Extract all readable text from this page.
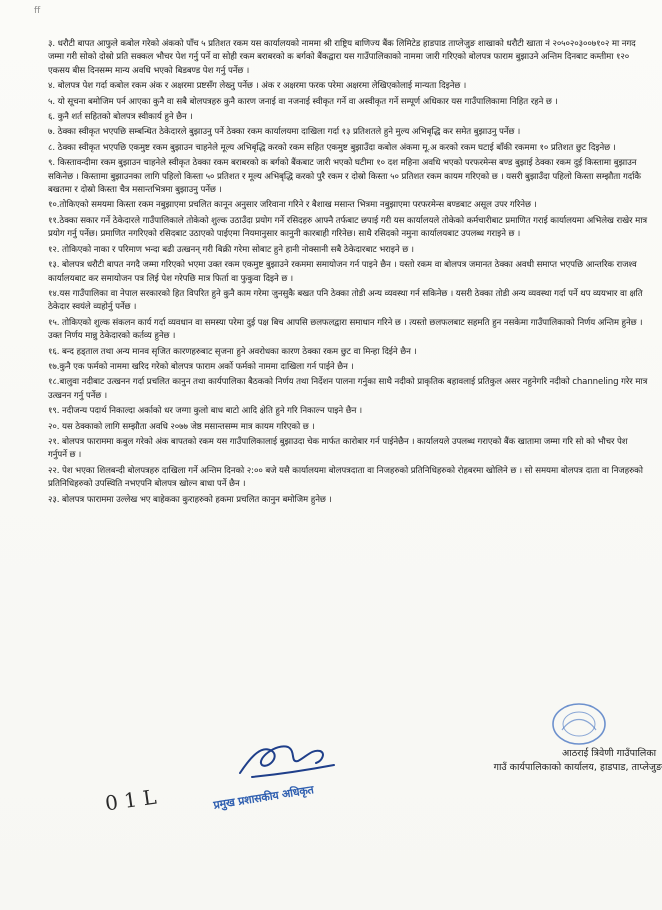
ff

३. धरौटी बापत आफुले कबोल गरेको अंकको पाँच ५ प्रतिशत रकम यस कार्यालयको नाममा श्री राष्ट्रिय बाणिज्य बैंक लिमिटेड हाडपाड ताप्लेजुङ शाखाको धरौटी खाता नं २०५०२०३००७१०२ मा नगद जम्मा गरी सोको दोस्रो प्रति सक्कल भौचर पेश गर्नु पर्ने वा सोही रकम बराबरको क बर्गको बैंकद्वारा यस गाउँपालिकाको नाममा जारी गरिएको बोलपत्र फाराम बुझाउने अन्तिम दिनबाट कम्तीमा १२० एकसय बीस दिनसम्म मान्य अवधि भएको बिडबण्ड पेश गर्नु पर्नेछ ।

४. बोलपत्र पेश गर्दा कबोल रकम अंक र अक्षरमा प्रष्टसँग लेख्नु पर्नेछ । अंक र अक्षरमा फरक परेमा अक्षरमा लेखिएकोलाई मान्यता दिइनेछ ।

५. यो सूचना बमोजिम पर्न आएका कुनै वा सबै बोलपत्रहरु कुनै कारण जनाई वा नजनाई स्वीकृत गर्ने वा अस्वीकृत गर्ने सम्पूर्ण अधिकार यस गाउँपालिकामा निहित रहने छ ।

६. कुनै शर्त सहितको बोलपत्र स्वीकार्य हुने छैन ।

७. ठेक्का स्वीकृत भएपछि सम्बन्धित ठेकेदारले बुझाउनु पर्ने ठेक्का रकम कार्यालयमा दाखिला गर्दा १३ प्रतिशतले हुने मुल्य अभिबृद्धि कर समेत बुझाउनु पर्नेछ ।

८. ठेक्का स्वीकृत भएपछि एकमुष्ट रकम बुझाउन चाहनेले मूल्य अभिबृद्धि करको रकम सहित एकमुष्ट बुझाउँदा कबोल अंकमा मू.अ करको रकम घटाई बाँकी रकममा १० प्रतिशत छुट दिइनेछ ।

९. किस्तावन्दीमा रकम बुझाउन चाहनेले स्वीकृत ठेक्का रकम बराबरको क बर्गको बैंकबाट जारी भएको घटीमा १० दश महिना अवधि भएको परफरमेन्स बण्ड बुझाई ठेक्का रकम दुई किस्तामा बुझाउन सकिनेछ । किस्तामा बुझाउनका लागि पहिलो किस्ता ५० प्रतिशत र मूल्य अभिबृद्धि करको पुरै रकम र दोस्रो किस्ता ५० प्रतिशत रकम कायम गरिएको छ । यसरी बुझाउँदा पहिलो किस्ता सम्झौता गर्दाकै बखतमा र दोस्रो किस्ता चैत्र मसान्तभित्रमा बुझाउनु पर्नेछ ।

१०.तोकिएको समयमा किस्ता रकम नबुझाएमा प्रचलित कानून अनुसार जरिवाना गरिने र बैशाख मसान्त भित्रमा नबुझाएमा परफरमेन्स बण्डबाट असूल उपर गरिनेछ ।

११.ठेक्का सकार गर्ने ठेकेदारले गाउँपालिकाले तोकेको शुल्क उठाउँदा प्रयोग गर्ने रसिदहरु आफ्नै तर्फबाट छपाई गरी यस कार्यालयले तोकेको कर्मचारीबाट प्रमाणित गराई कार्यालयमा अभिलेख राखेर मात्र प्रयोग गर्नु पर्नेछ। प्रमाणित नगरिएको रसिदबाट उठाएको पाईएमा नियमानुसार कानुनी कारबाही गरिनेछ। साथै रसिदको नमुना कार्यालयबाट उपलब्ध गराइने छ ।

१२. तोकिएको नाका र परिमाण भन्दा बढी उत्खनन् गरी बिक्री गरेमा सोबाट हुने हानी नोक्सानी सबै ठेकेदारबाट भराइने छ ।

१३. बोलपत्र धरौटी बापत नगदै जम्मा गरिएको भएमा उक्त रकम एकमुष्ट बुझाउने रकममा समायोजन गर्न पाइने छैन । यस्तो रकम वा बोलपत्र जमानत ठेक्का अवधी समाप्त भएपछि आन्तरिक राजश्व कार्यालयबाट कर समायोजन पत्र लिई पेश गरेपछि मात्र फिर्ता वा फुकुवा दिइने छ ।

१४.यस गाउँपालिका वा नेपाल सरकारको हित विपरित हुने कुनै काम गरेमा जुनसुकै बखत पनि ठेक्का तोडी अन्य व्यवस्था गर्न सकिनेछ । यसरी ठेक्का तोडी अन्य व्यवस्था गर्दा पर्ने थप व्ययभार वा क्षति ठेकेदार स्वयंले व्यहोर्नु पर्नेछ ।

१५. तोकिएको शुल्क संकलन कार्य गर्दा व्यवधान वा समस्या परेमा दुई पक्ष बिच आपसि छलफलद्वारा समाधान गरिने छ । त्यस्तो छलफलबाट सहमति हुन नसकेमा गाउँपालिकाको निर्णय अन्तिम हुनेछ । उक्त निर्णय मान्नु ठेकेदारको कर्तव्य हुनेछ ।

१६. बन्द हड्ताल तथा अन्य मानव सृजित कारणहरुबाट सृजना हुने अवरोधका कारण ठेक्का रकम छुट वा मिन्हा दिईने छैन ।

१७.कुनै एक फर्मको नाममा खरिद गरेको बोलपत्र फाराम अर्को फर्मको नाममा दाखिला गर्न पाईने छैन ।

१८.बालुवा नदीबाट उत्खनन गर्दा प्रचलित कानुन तथा कार्यपालिका बैठकको निर्णय तथा निर्देशन पालना गर्नुका साथै नदीको प्राकृतिक बहावलाई प्रतिकुल असर नहुनेगरि नदीको channeling गरेर मात्र उत्खनन गर्नु पर्नेछ ।

१९. नदीजन्य पदार्थ निकाल्दा अर्काको धर जग्गा कुलो बाध बाटो आदि क्षेति हुने गरि निकाल्न पाइने छैन ।

२०. यस ठेक्काको लागि सम्झौता अवधि २०७७ जेष्ठ मसान्तसम्म मात्र कायम गरिएको छ ।

२१. बोलपत्र फाराममा कबुल गरेको अंक बापतको रकम यस गाउँपालिकालाई बुझाउदा चेक मार्फत कारोबार गर्न पाईनेछैन । कार्यालयले उपलब्ध गराएको बैंक खातामा जम्मा गरि सो को भौचर पेश गर्नुपर्ने छ ।

२२. पेश भएका शिलबन्दी बोलपत्रहरु दाखिला गर्ने अन्तिम दिनको २:०० बजे यसै कार्यालयमा बोलपत्रदाता वा निजहरुको प्रतिनिधिहरुको रोहबरमा खोलिने छ । सो समयमा बोलपत्र दाता वा निजहरुको प्रतिनिधिहरुको उपस्थिति नभएपनि बोलपत्र खोल्न बाधा पर्ने छैन ।

२३. बोलपत्र फाराममा उल्लेख भए बाहेकका कुराहरुको हकमा प्रचलित कानुन बमोजिम हुनेछ ।

0 1 L	प्रमुख प्रशासकीय अधिकृत
आठराई त्रिवेणी गाउँपालिका
गाउँ कार्यपालिकाको कार्यालय, हाडपाड, ताप्लेजुङ
